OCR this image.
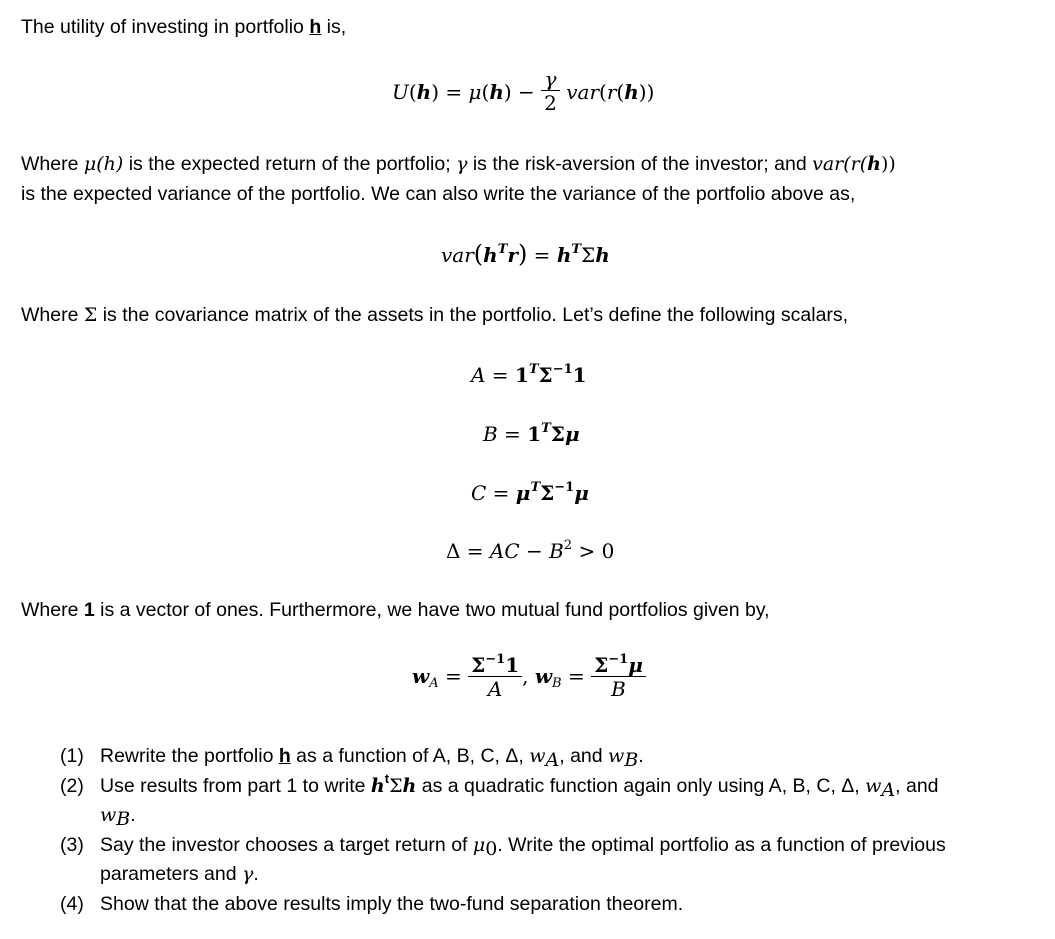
The utility of investing in portfolio h is,
$U(h) = \mu(h) - \frac{\gamma}{2} var(r(h))$
Where μ(h) is the expected return of the portfolio; γ is the risk-aversion of the investor; and var(r(h))
is the expected variance of the portfolio. We can also write the variance of the portfolio above as,
$var(h^Tr) = h^T\Sigma h$
Where Σ is the covariance matrix of the assets in the portfolio. Let’s define the following scalars,
$A = 1^T\Sigma^{-1}1$
$B = 1^T\Sigma\mu$
$C = \mu^T\Sigma^{-1}\mu$
Δ = AC − $B^2 > 0$
Where 1 is a vector of ones. Furthermore, we have two mutual fund portfolios given by,
$w_A = \frac{\Sigma^{-1}1}{A}$ , $w_B = \frac{\Sigma^{-1}\mu}{B}$
(1) Rewrite the portfolio h as a function of A, B, C, Δ, $w_A$, and $w_B$.
(2) Use results from part 1 to write $h^t\Sigma h$ as a quadratic function again only using A, B, C, Δ, $w_A$, and
$w_B$.
(3) Say the investor chooses a target return of $\mu_0$. Write the optimal portfolio as a function of previous parameters and γ.
(4) Show that the above results imply the two-fund separation theorem.
